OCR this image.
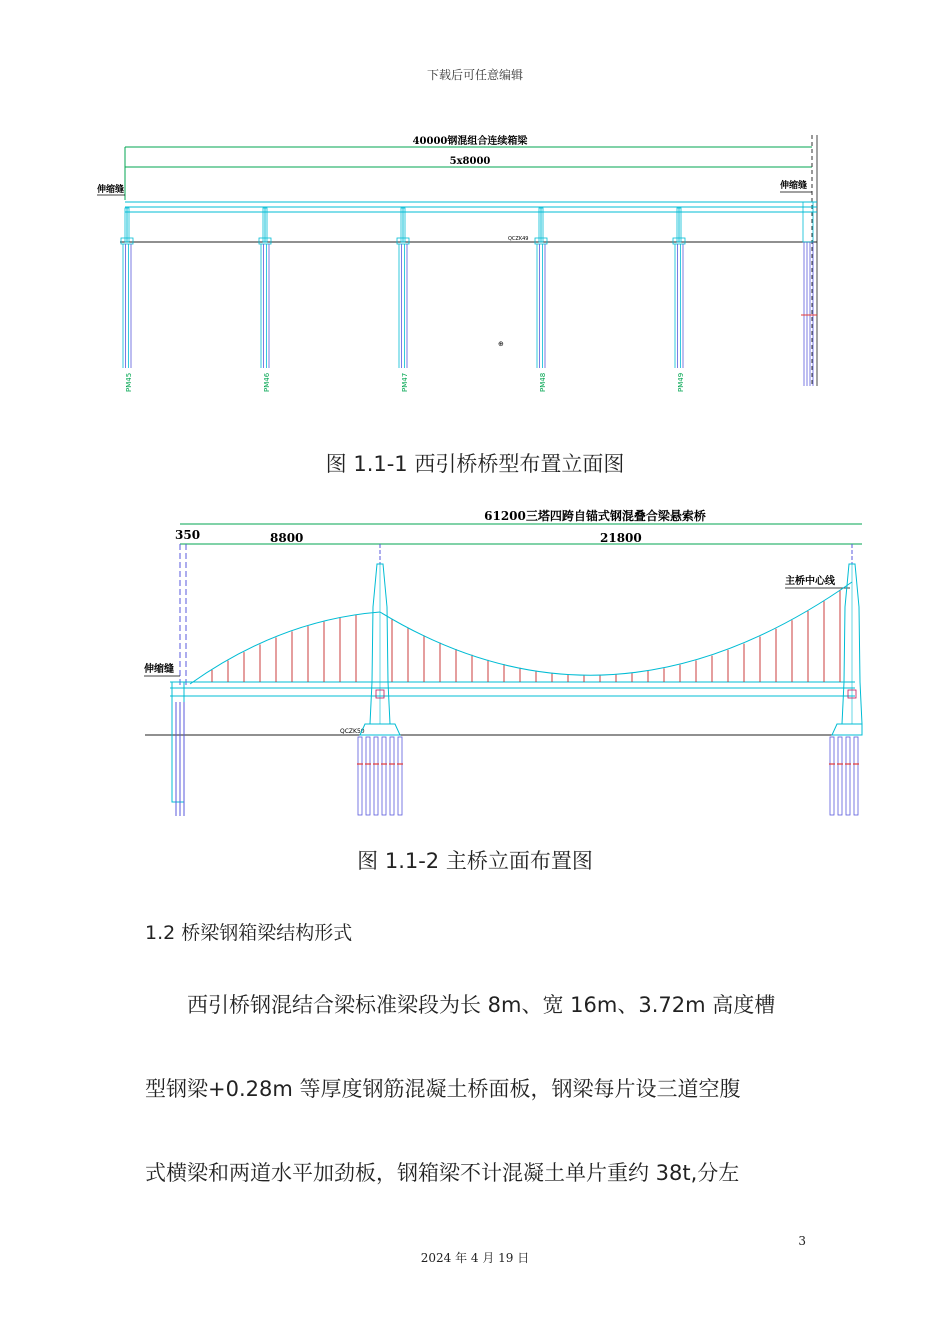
下载后可任意编辑
40000钢混组合连续箱梁
5x8000
伸缩缝	伸缩缝
QCZK49
⊕
PM45	PM46	PM47	PM48	PM49
图 1.1-1 西引桥桥型布置立面图
61200三塔四跨自锚式钢混叠合梁悬索桥
350	8800	21800
主桥中心线
伸缩缝
QCZK50
图 1.1-2 主桥立面布置图
1.2 桥梁钢箱梁结构形式

西引桥钢混结合梁标准梁段为长 8m、宽 16m、3.72m 高度槽

型钢梁+0.28m 等厚度钢筋混凝土桥面板，钢梁每片设三道空腹

式横梁和两道水平加劲板，钢箱梁不计混凝土单片重约 38t,分左

3
2024 年 4 月 19 日
